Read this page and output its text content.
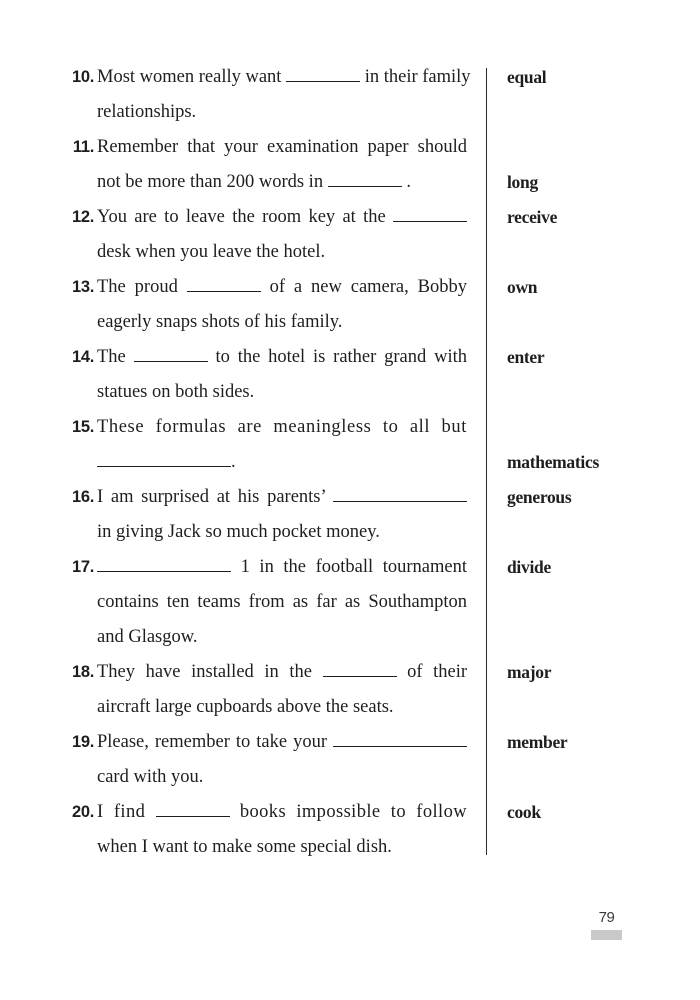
10. Most women really want	in their family
relationships.
equal
11. Remember that your examination paper should
not be more than 200 words in	.	long
12. You are to leave the room key at the
desk when you leave the hotel.
receive
13. The proud	of a new camera, Bobby
eagerly snaps shots of his family.
own
14. The	to the hotel is rather grand with
statues on both sides.
enter
15. These formulas are meaningless to all but
.	mathematics
16. I am surprised at his parents’
in giving Jack so much pocket money.
generous
17.	1 in the football tournament
contains ten teams from as far as Southampton
and Glasgow.
divide
18. They have installed in the	of their
aircraft large cupboards above the seats.
major
19. Please, remember to take your
card with you.
member
20. I find	books impossible to follow
when I want to make some special dish.
cook
79
